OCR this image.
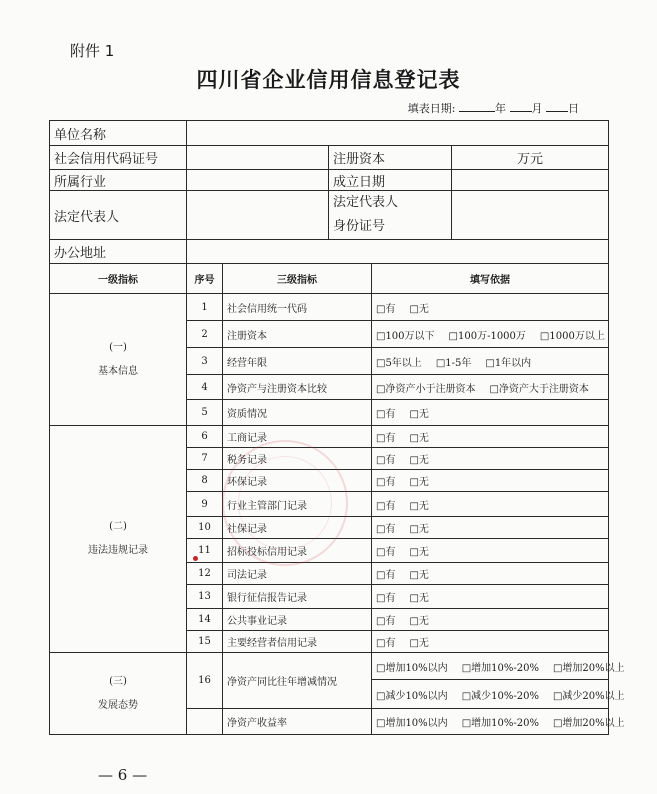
附件 1
四川省企业信用信息登记表
填表日期:	年 月 日
单位名称					
社会信用代码证号			注册资本		万元
所属行业			成立日期		
法定代表人			法定代表人
身份证号		

办公地址					
一级指标	序号	三级指标		填写依据	

(一)
基本信息	1	社会信用统一代码		□有 □无	
	2	注册资本		□100万以下 □100万-1000万 □1000万以上	
	3	经营年限		□5年以上 □1-5年 □1年以内	
	4	净资产与注册资本比较		□净资产小于注册资本 □净资产大于注册资本	
	5	资质情况		□有 □无	

(二)
违法违规记录	6	工商记录		□有 □无	
	7	税务记录		□有 □无	
	8	环保记录		□有 □无	
	9	行业主管部门记录		□有 □无	
	10	社保记录		□有 □无	
	11	招标投标信用记录		□有 □无	
	12	司法记录		□有 □无	
	13	银行征信报告记录		□有 □无	
	14	公共事业记录		□有 □无	
	15	主要经营者信用记录		□有 □无	

(三)
发展态势	16	净资产同比往年增减情况		□增加10%以内 □增加10%-20% □增加20%以上	
				□减少10%以内 □减少10%-20% □减少20%以上	
		净资产收益率		□增加10%以内 □增加10%-20% □增加20%以上	
— 6 —
